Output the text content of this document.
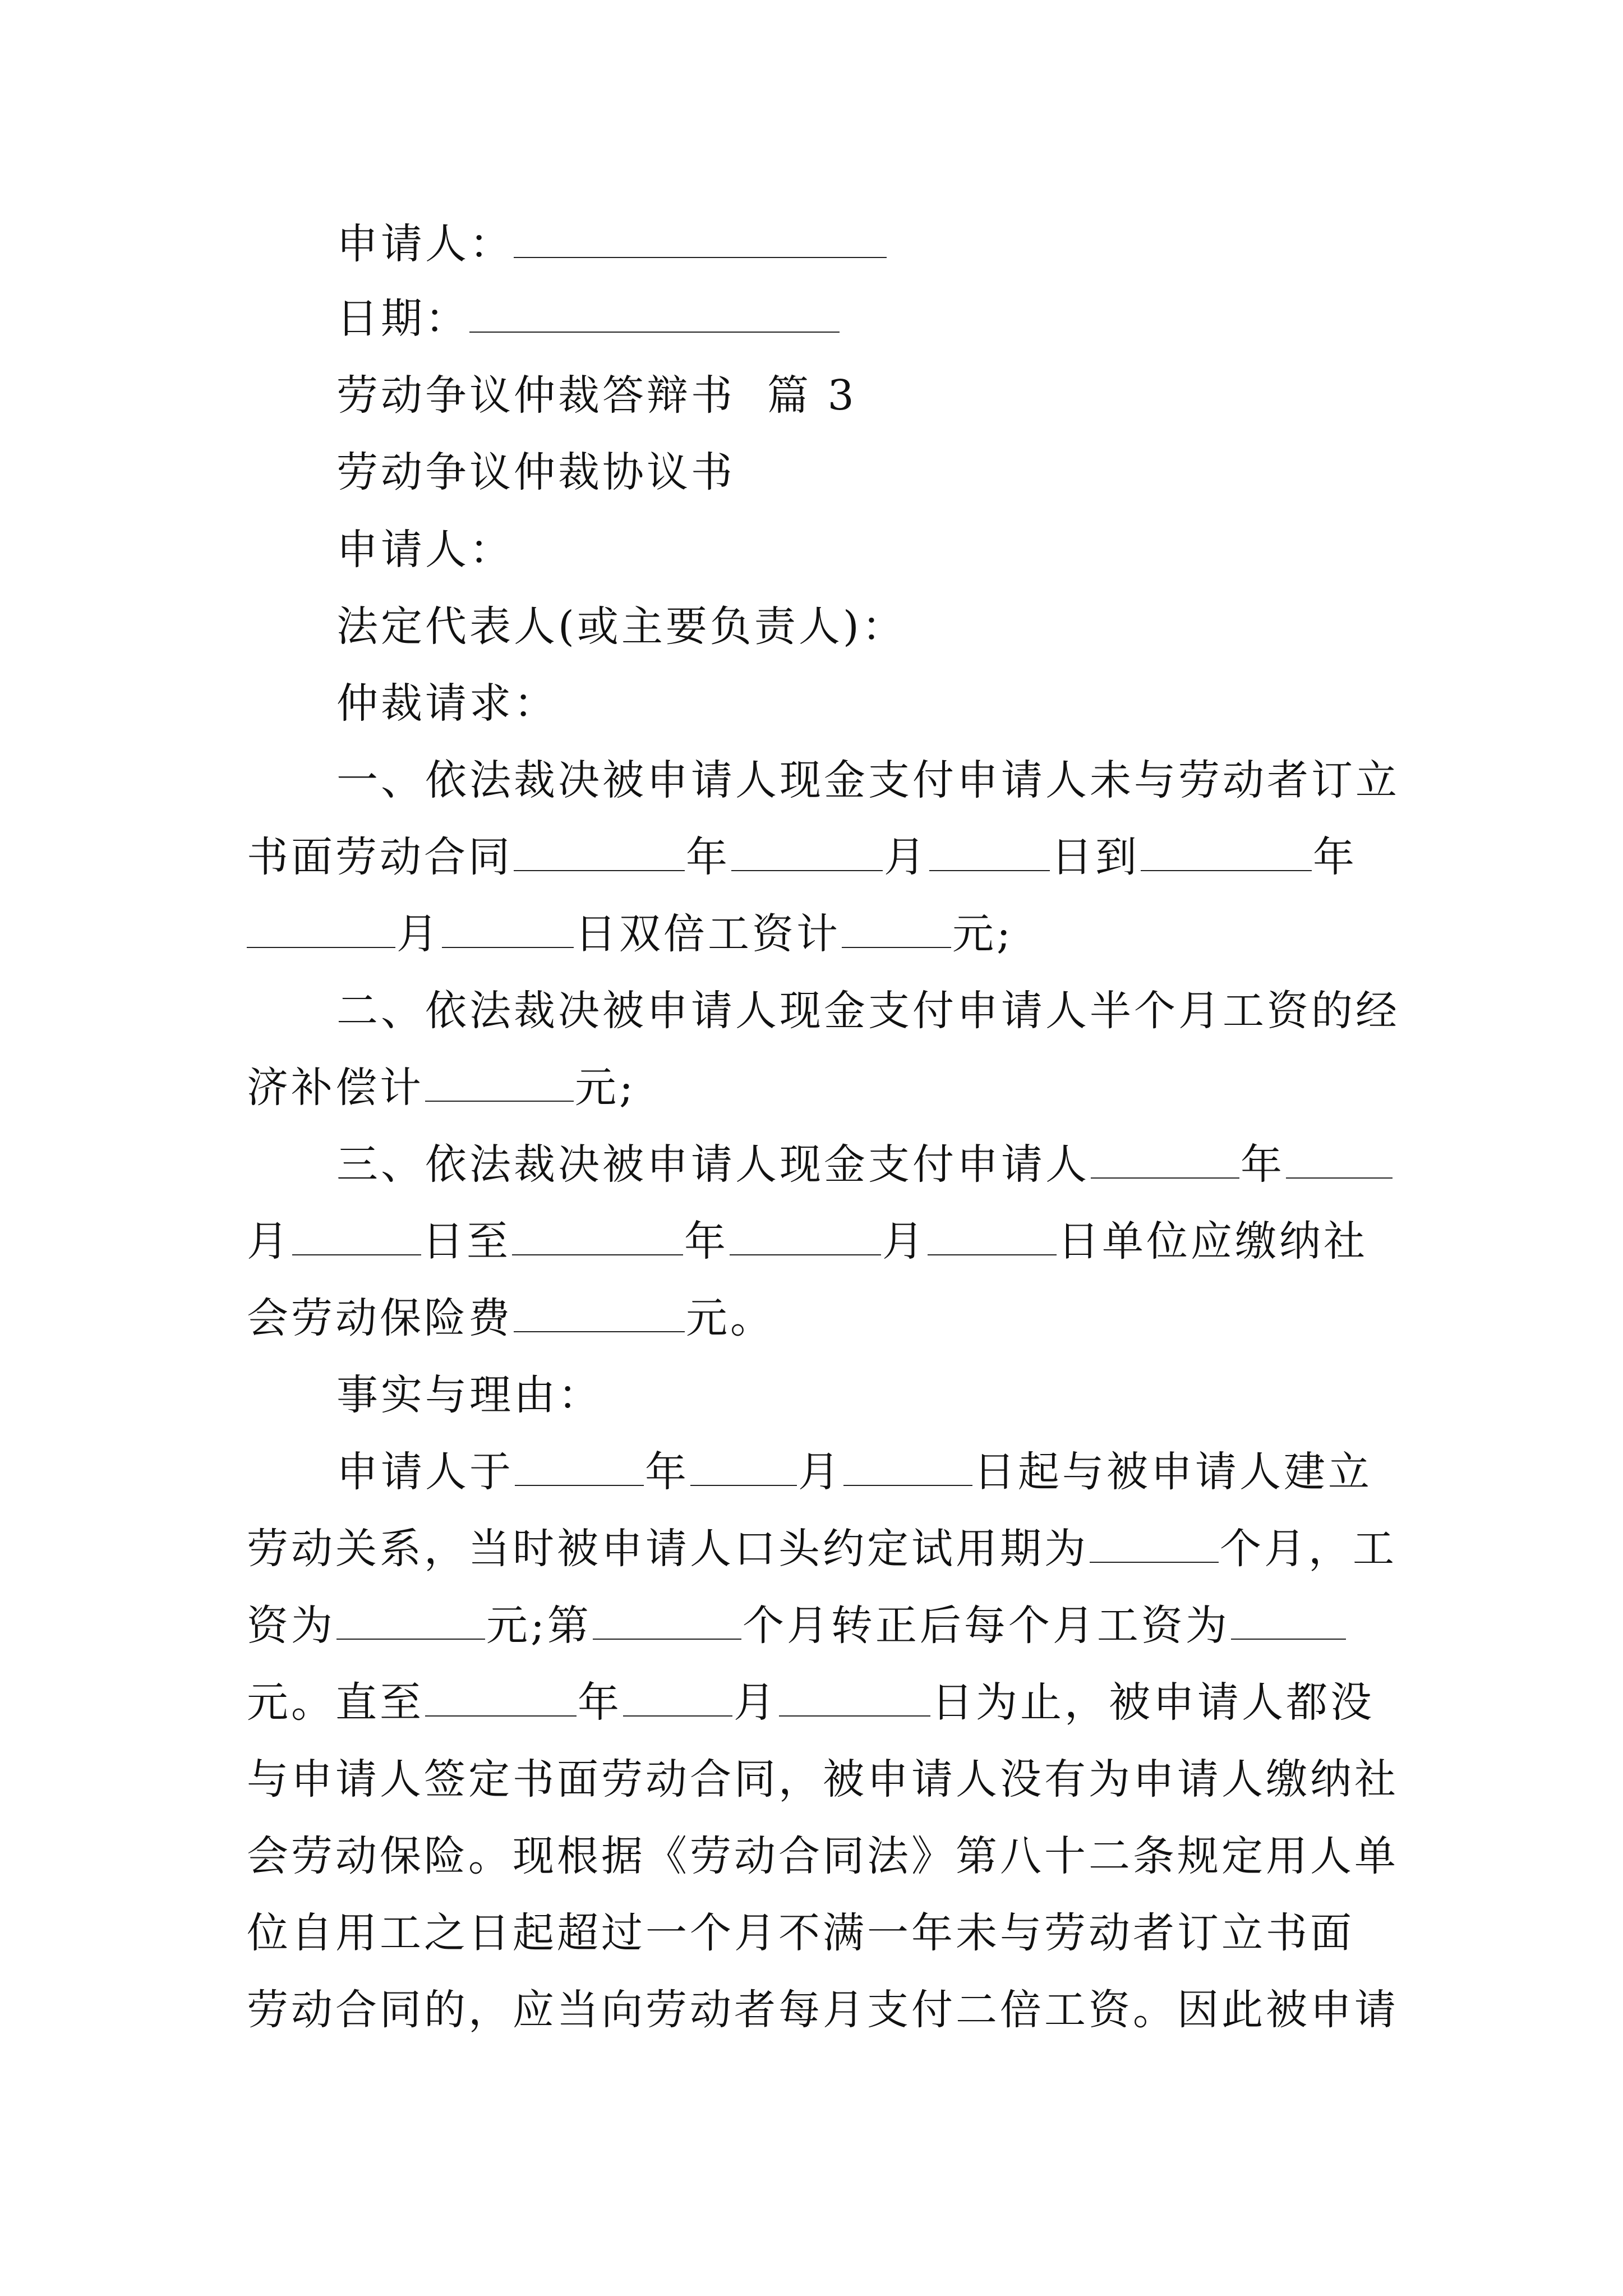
申请人：
日期：
劳动争议仲裁答辩书 篇 3
劳动争议仲裁协议书
申请人：
法定代表人(或主要负责人)：
仲裁请求：
一、依法裁决被申请人现金支付申请人未与劳动者订立
书面劳动合同	年	月	日到	年
月	日双倍工资计	元;
二、依法裁决被申请人现金支付申请人半个月工资的经
济补偿计	元;
三、依法裁决被申请人现金支付申请人	年
月	日至	年	月	日单位应缴纳社
会劳动保险费	元。
事实与理由：
申请人于	年	月	日起与被申请人建立
劳动关系，当时被申请人口头约定试用期为	个月，工
资为	元;第	个月转正后每个月工资为
元。直至	年	月	日为止，被申请人都没
与申请人签定书面劳动合同，被申请人没有为申请人缴纳社
会劳动保险。现根据《劳动合同法》第八十二条规定用人单
位自用工之日起超过一个月不满一年未与劳动者订立书面
劳动合同的，应当向劳动者每月支付二倍工资。因此被申请
